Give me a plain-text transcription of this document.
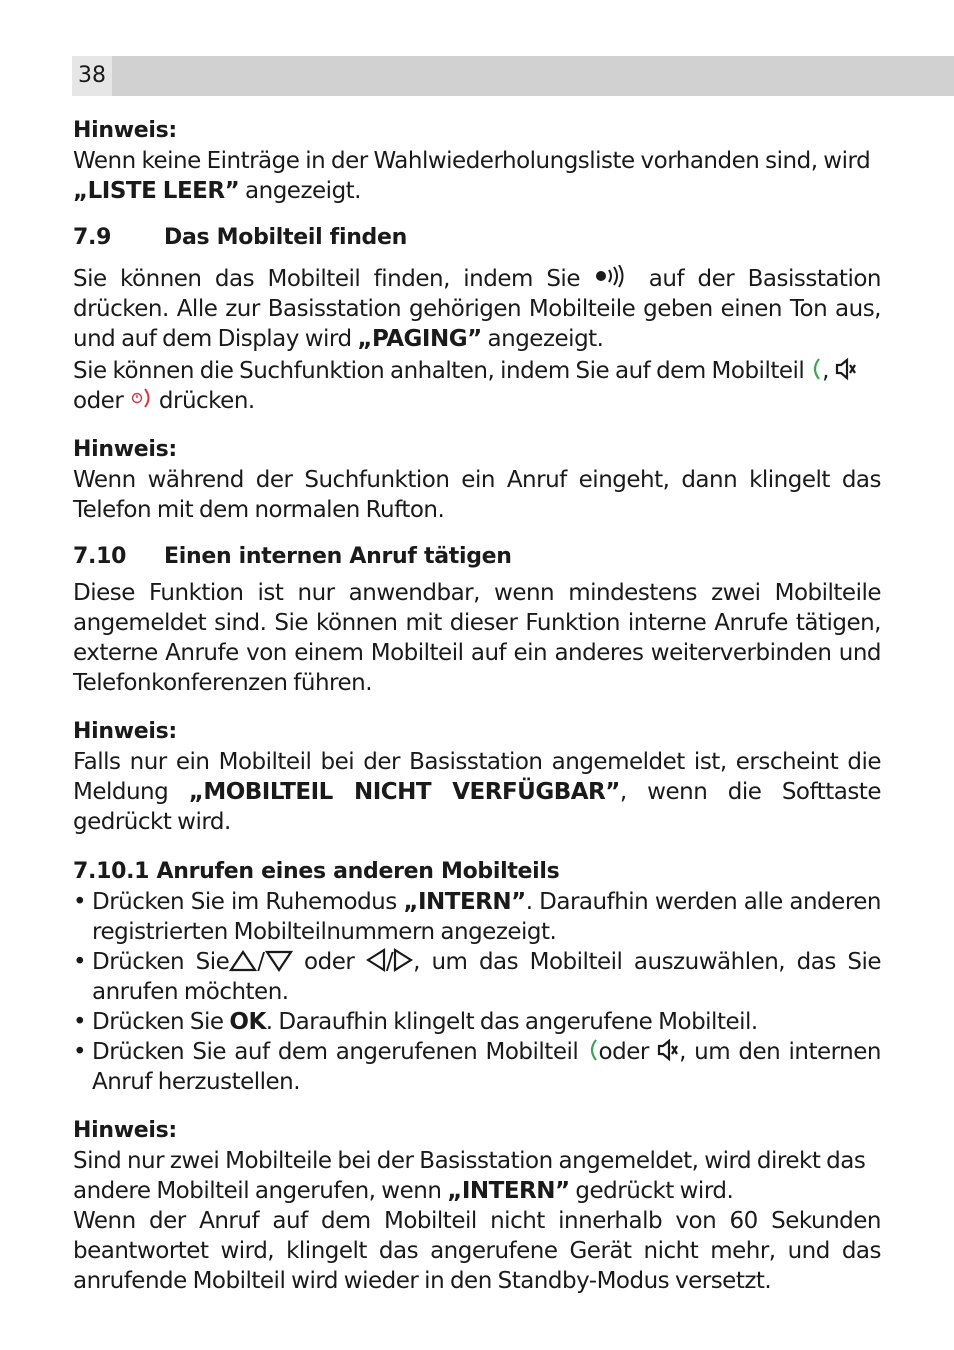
38

Hinweis:

Wenn keine Einträge in der Wahlwiederholungsliste vorhanden sind, wird „LISTE LEER” angezeigt.

7.9	Das Mobilteil finden

Sie können das Mobilteil finden, indem Sie
auf der Basisstation drücken. Alle zur Basisstation gehörigen Mobilteile geben einen Ton aus, und auf dem Display wird „PAGING” angezeigt.

Sie können die Suchfunktion anhalten, indem Sie auf dem Mobilteil
,

oder
drücken.

Hinweis:

Wenn während der Suchfunktion ein Anruf eingeht, dann klingelt das Telefon mit dem normalen Rufton.

7.10	Einen internen Anruf tätigen

Diese Funktion ist nur anwendbar, wenn mindestens zwei Mobilteile angemeldet sind. Sie können mit dieser Funktion interne Anrufe tätigen, externe Anrufe von einem Mobilteil auf ein anderes weiterverbinden und Telefonkonferenzen führen.

Hinweis:

Falls nur ein Mobilteil bei der Basisstation angemeldet ist, erscheint die Meldung „MOBILTEIL NICHT VERFÜGBAR”, wenn die Softtaste gedrückt wird.

7.10.1 Anrufen eines anderen Mobilteils

• Drücken Sie im Ruhemodus „INTERN”. Daraufhin werden alle anderen registrierten Mobilteilnummern angezeigt.
• Drücken Sie /
oder
/ , um das Mobilteil auszuwählen, das Sie anrufen möchten.
• Drücken Sie OK. Daraufhin klingelt das angerufene Mobilteil.
• Drücken Sie auf dem angerufenen Mobilteil
oder
, um den internen Anruf herzustellen.

Hinweis:

Sind nur zwei Mobilteile bei der Basisstation angemeldet, wird direkt das andere Mobilteil angerufen, wenn „INTERN” gedrückt wird.

Wenn der Anruf auf dem Mobilteil nicht innerhalb von 60 Sekunden beantwortet wird, klingelt das angerufene Gerät nicht mehr, und das anrufende Mobilteil wird wieder in den Standby-Modus versetzt.
